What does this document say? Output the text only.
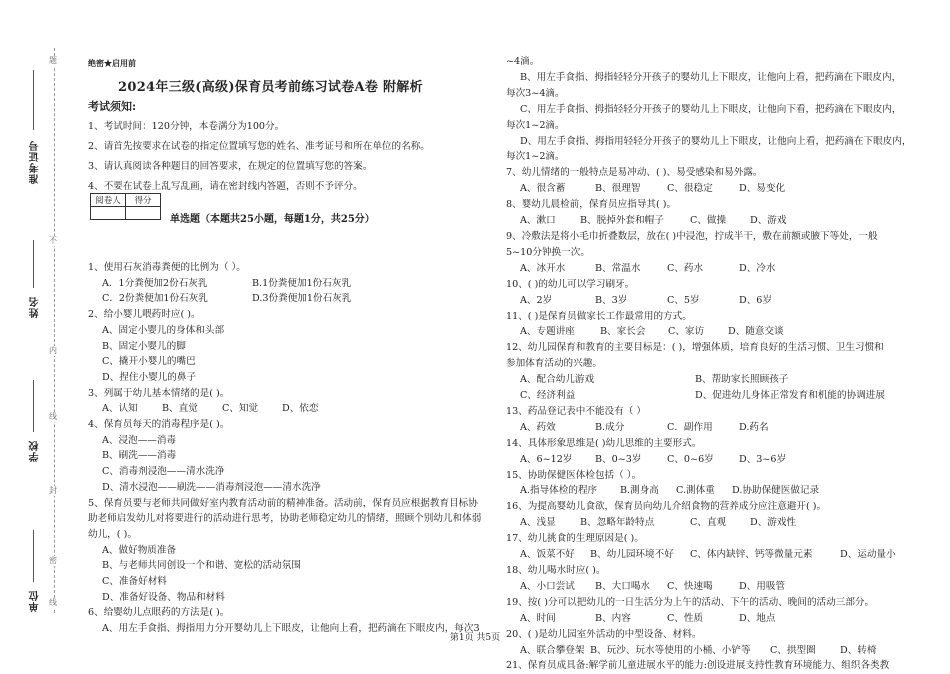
题
不
内
线
封
密
线
准考证号
姓名
学校
单位
绝密★启用前
2024年三级(高级)保育员考前练习试卷A卷 附解析
考试须知:
1、考试时间：120分钟，本卷满分为100分。
2、请首先按要求在试卷的指定位置填写您的姓名、准考证号和所在单位的名称。
3、请认真阅读各种题目的回答要求，在规定的位置填写您的答案。
4、不要在试卷上乱写乱画，请在密封线内答题，否则不予评分。
阅卷人	得分

单选题（本题共25小题，每题1分，共25分）
1、使用石灰消毒粪便的比例为（ ）。
A．1分粪便加2份石灰乳	B.1份粪便加1份石灰乳
C．2份粪便加1份石灰乳	D.3份粪便加1份石灰乳
2、给小婴儿喂药时应( )。
A、固定小婴儿的身体和头部
B、固定小婴儿的脚
C、撬开小婴儿的嘴巴
D、捏住小婴儿的鼻子
3、列属于幼儿基本情绪的是( )。
A、认知	B、直觉	C、知觉	D、依恋
4、保育员每天的消毒程序是( )。
A、浸泡——消毒
B、刷洗——消毒
C、消毒剂浸泡——清水洗净
D、清水浸泡——刷洗——消毒剂浸泡——清水洗净
5、保育员要与老师共同做好室内教育活动前的精神准备。活动前，保育员应根据教育目标协
助老师启发幼儿对将要进行的活动进行思考，协助老师稳定幼儿的情绪，照顾个别幼儿和体弱
幼儿，( )。
A、做好物质准备
B、与老师共同创设一个和谐、宽松的活动氛围
C、准备好材料
D、准备好设备、物品和材料
6、给婴幼儿点眼药的方法是( )。
A、用左手食指、拇指用力分开婴幼儿上下眼皮，让他向上看，把药滴在下眼皮内，每次3
~4滴。
B、用左手食指、拇指轻轻分开孩子的婴幼儿上下眼皮，让他向上看，把药滴在下眼皮内，
每次3~4滴。
C、用左手食指、拇指轻轻分开孩子的婴幼儿上下眼皮，让他向下看，把药滴在下眼皮内，
每次1~2滴。
D、用左手食指、拇指用轻轻分开孩子的婴幼儿上下眼皮，让他向上看，把药滴在下眼皮内，
每次1~2滴。
7、幼儿情绪的一般特点是易冲动、( )、易受感染和易外露。
A、很含蓄	B、很理智	C、很稳定	D、易变化
8、婴幼儿晨检前，保育员应指导其( )。
A、漱口	B、脱掉外套和帽子	C、做操	D、游戏
9、冷敷法是将小毛巾折叠数层，放在( )中浸泡，拧成半干，敷在前额或腋下等处，一般
5~10分钟换一次。
A、冰开水	B、常温水	C、药水	D、冷水
10、( )的幼儿可以学习刷牙。
A、2岁	B、3岁	C、5岁	D、6岁
11、( )是保育员做家长工作最常用的方式。
A、专题讲座	B、家长会	C、家访	D、随意交谈
12、幼儿园保育和教育的主要目标是：( )，增强体质，培育良好的生活习惯、卫生习惯和
参加体育活动的兴趣。
A、配合幼儿游戏	B、帮助家长照顾孩子
C、经济利益	D、促进幼儿身体正常发育和机能的协调进展
13、药品登记表中不能没有（ ）
A、药效	B.成分	C．副作用	D.药名
14、具体形象思维是( )幼儿思维的主要形式。
A、6~12岁	B、0~3岁	C、0~6岁	D、3~6岁
15、协助保健医体检包括（ ）。
A.指导体检的程序	B.測身高	C.測体重	D.协助保健医做记录
16、为提高婴幼儿食欲，保育员向幼儿介绍食物的营养成分应注意避开( )。
A、浅显	B、忽略年龄特点	C、直观	D、游戏性
17、幼儿挑食的生理原因是( )。
A、饭菜不好	B、幼儿园环境不好	C、体内缺锌、钙等微量元素	D、运动量小
18、幼儿喝水时应( )。
A、小口尝试	B、大口喝水	C、快速喝	D、用吸管
19、按( )分可以把幼儿的一日生活分为上午的活动、下午的活动、晚间的活动三部分。
A、时间	B、内容	C、性质	D、地点
20、( )是幼儿园室外活动的中型设备、材料。
A、联合攀登架 B、玩沙、玩水等使用的小桶、小铲等	C、拱型圈	D、转椅
21、保育员成具备:解学前儿童进展水平的能力:创设进展支持性教育环境能力、组织各类教
第1页 共5页
